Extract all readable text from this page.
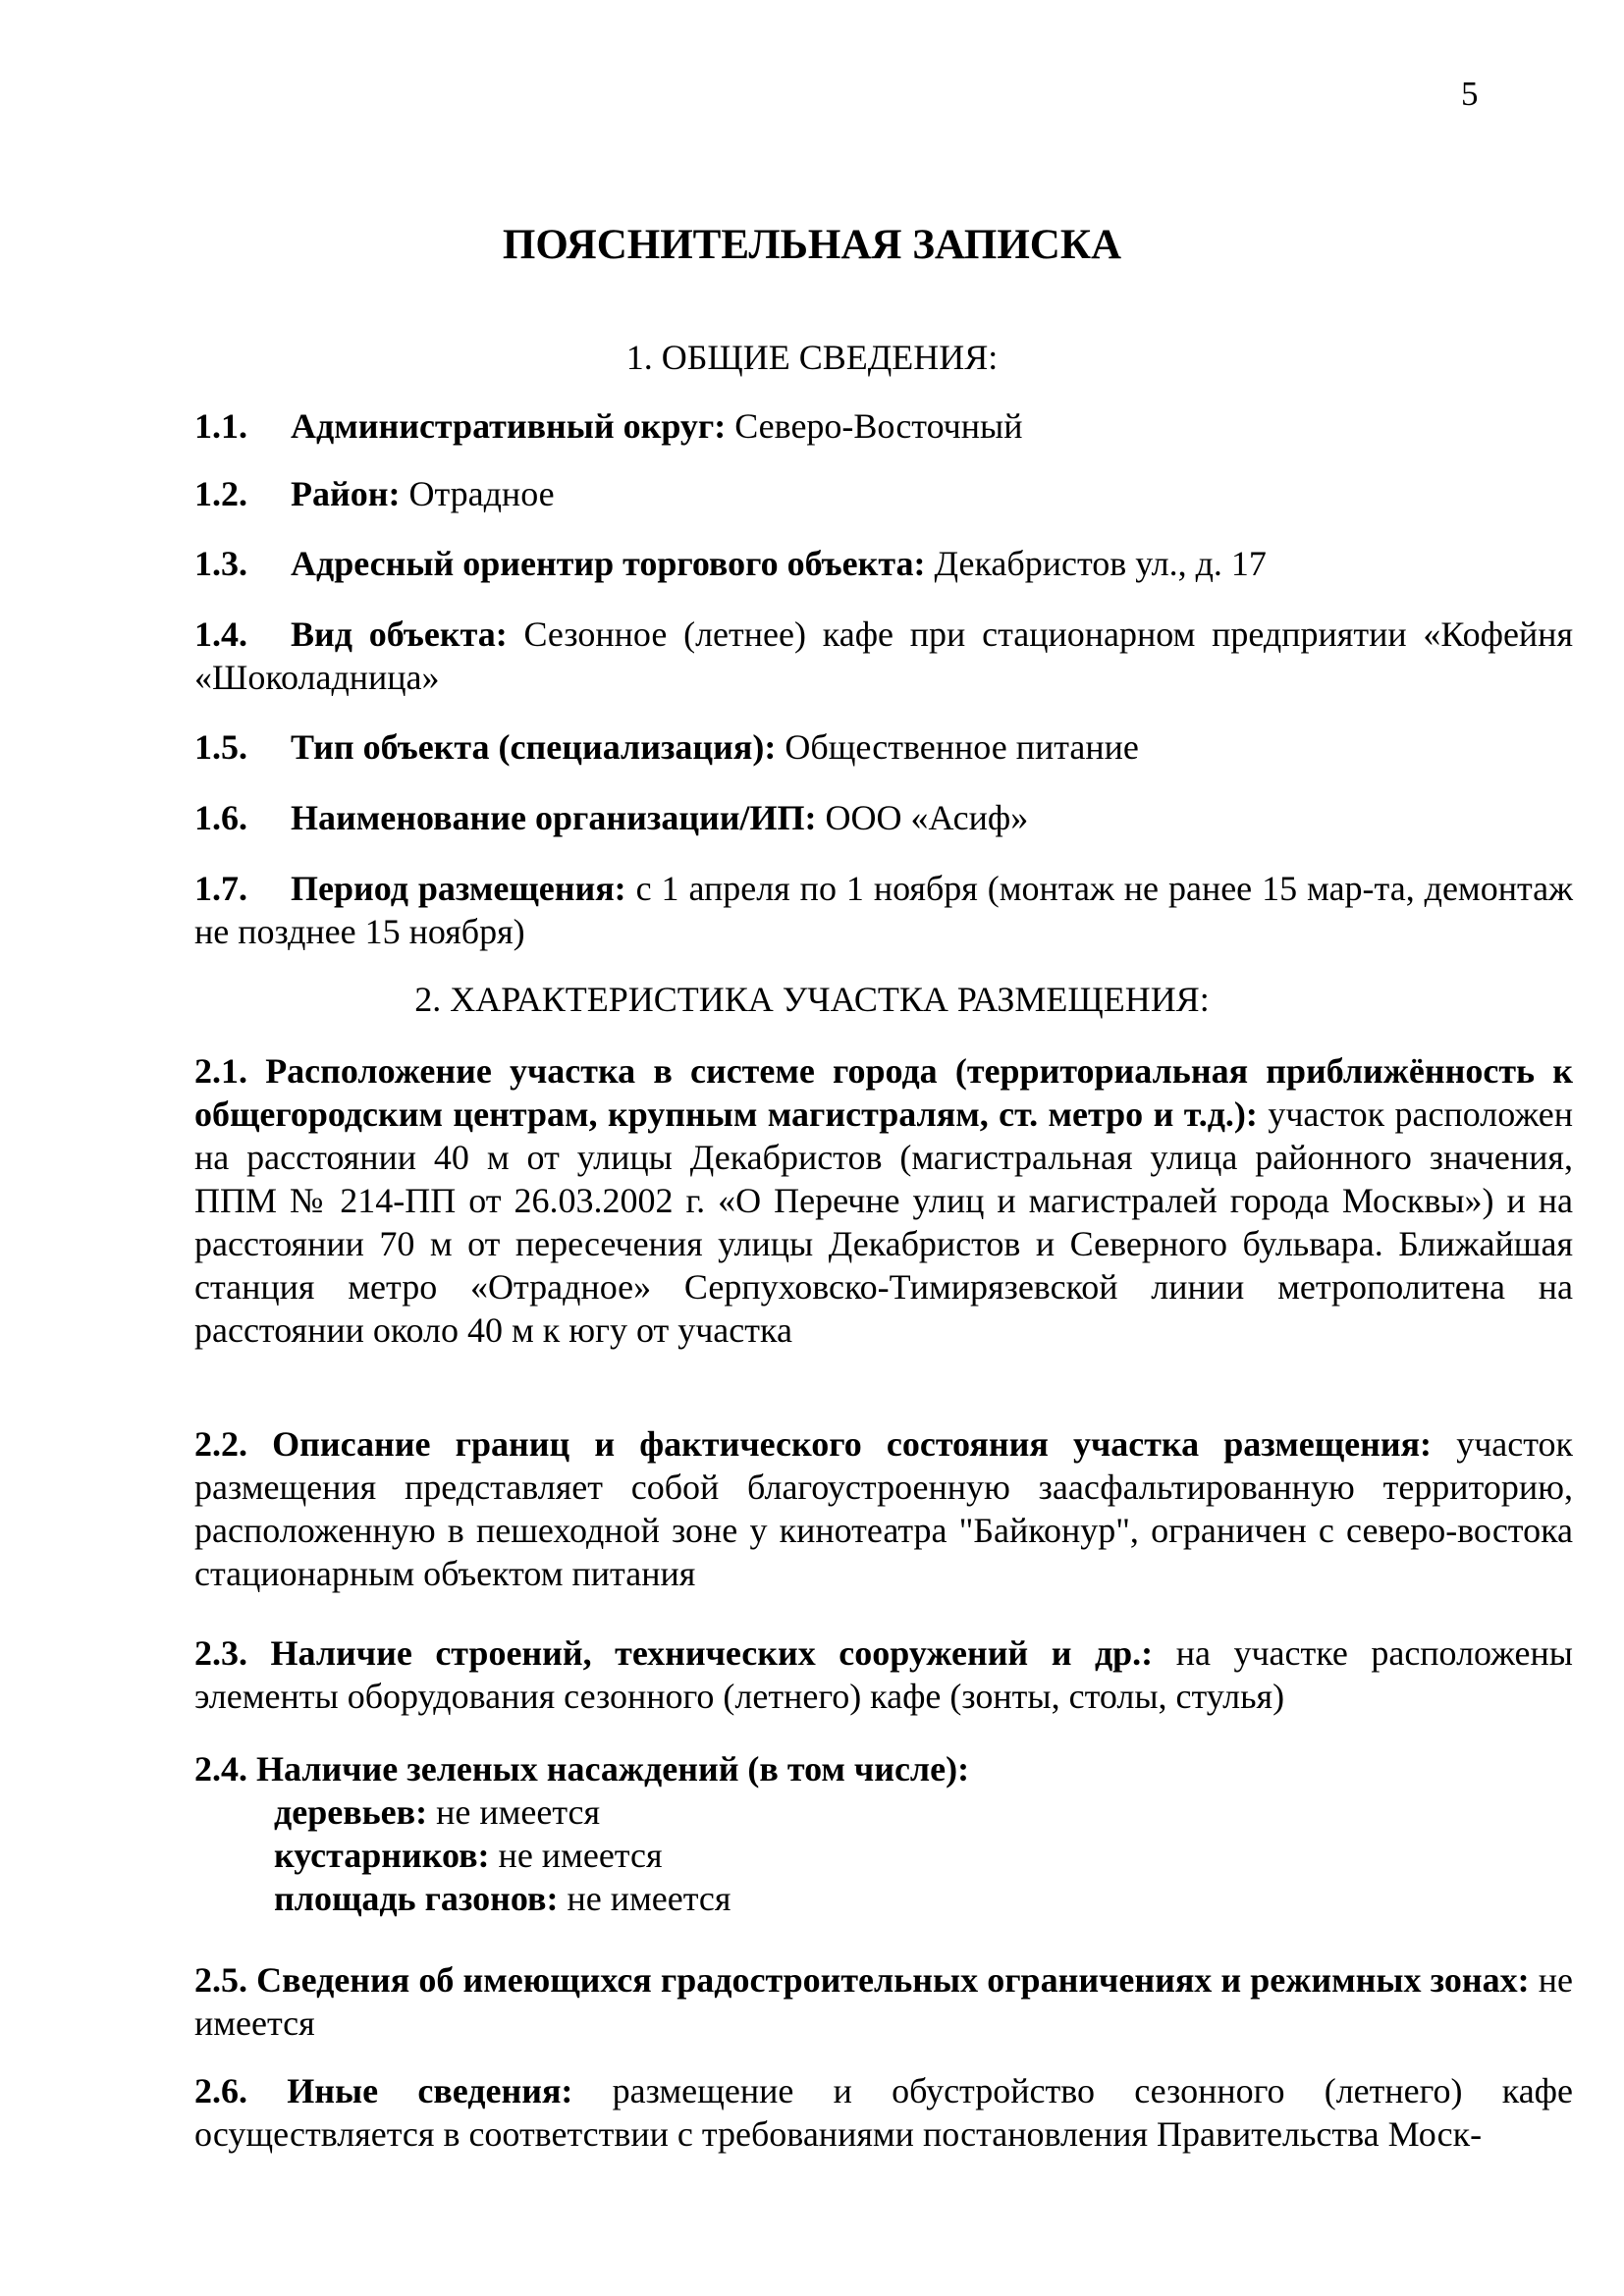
5
ПОЯСНИТЕЛЬНАЯ ЗАПИСКА
1. ОБЩИЕ СВЕДЕНИЯ:
1.1. Административный округ: Северо-Восточный
1.2. Район: Отрадное
1.3. Адресный ориентир торгового объекта: Декабристов ул., д. 17
1.4. Вид объекта: Сезонное (летнее) кафе при стационарном предприятии «Кофейня «Шоколадница»
1.5. Тип объекта (специализация): Общественное питание
1.6. Наименование организации/ИП: ООО «Асиф»
1.7. Период размещения: с 1 апреля по 1 ноября (монтаж не ранее 15 мар-та, демонтаж не позднее 15 ноября)
2. ХАРАКТЕРИСТИКА УЧАСТКА РАЗМЕЩЕНИЯ:
2.1. Расположение участка в системе города (территориальная приближённость к общегородским центрам, крупным магистралям, ст. метро и т.д.): участок расположен на расстоянии 40 м от улицы Декабристов (магистральная улица районного значения, ППМ № 214-ПП от 26.03.2002 г. «О Перечне улиц и магистралей города Москвы») и на расстоянии 70 м от пересечения улицы Декабристов и Северного бульвара. Ближайшая станция метро «Отрадное» Серпуховско-Тимирязевской линии метрополитена на расстоянии около 40 м к югу от участка
2.2. Описание границ и фактического состояния участка размещения: участок размещения представляет собой благоустроенную заасфальтированную территорию, расположенную в пешеходной зоне у кинотеатра "Байконур", ограничен с северо-востока стационарным объектом питания
2.3. Наличие строений, технических сооружений и др.: на участке расположены элементы оборудования сезонного (летнего) кафе (зонты, столы, стулья)
2.4. Наличие зеленых насаждений (в том числе):
деревьев: не имеется
кустарников: не имеется
площадь газонов: не имеется
2.5. Сведения об имеющихся градостроительных ограничениях и режимных зонах: не имеется
2.6. Иные сведения: размещение и обустройство сезонного (летнего) кафе осуществляется в соответствии с требованиями постановления Правительства Моск-
